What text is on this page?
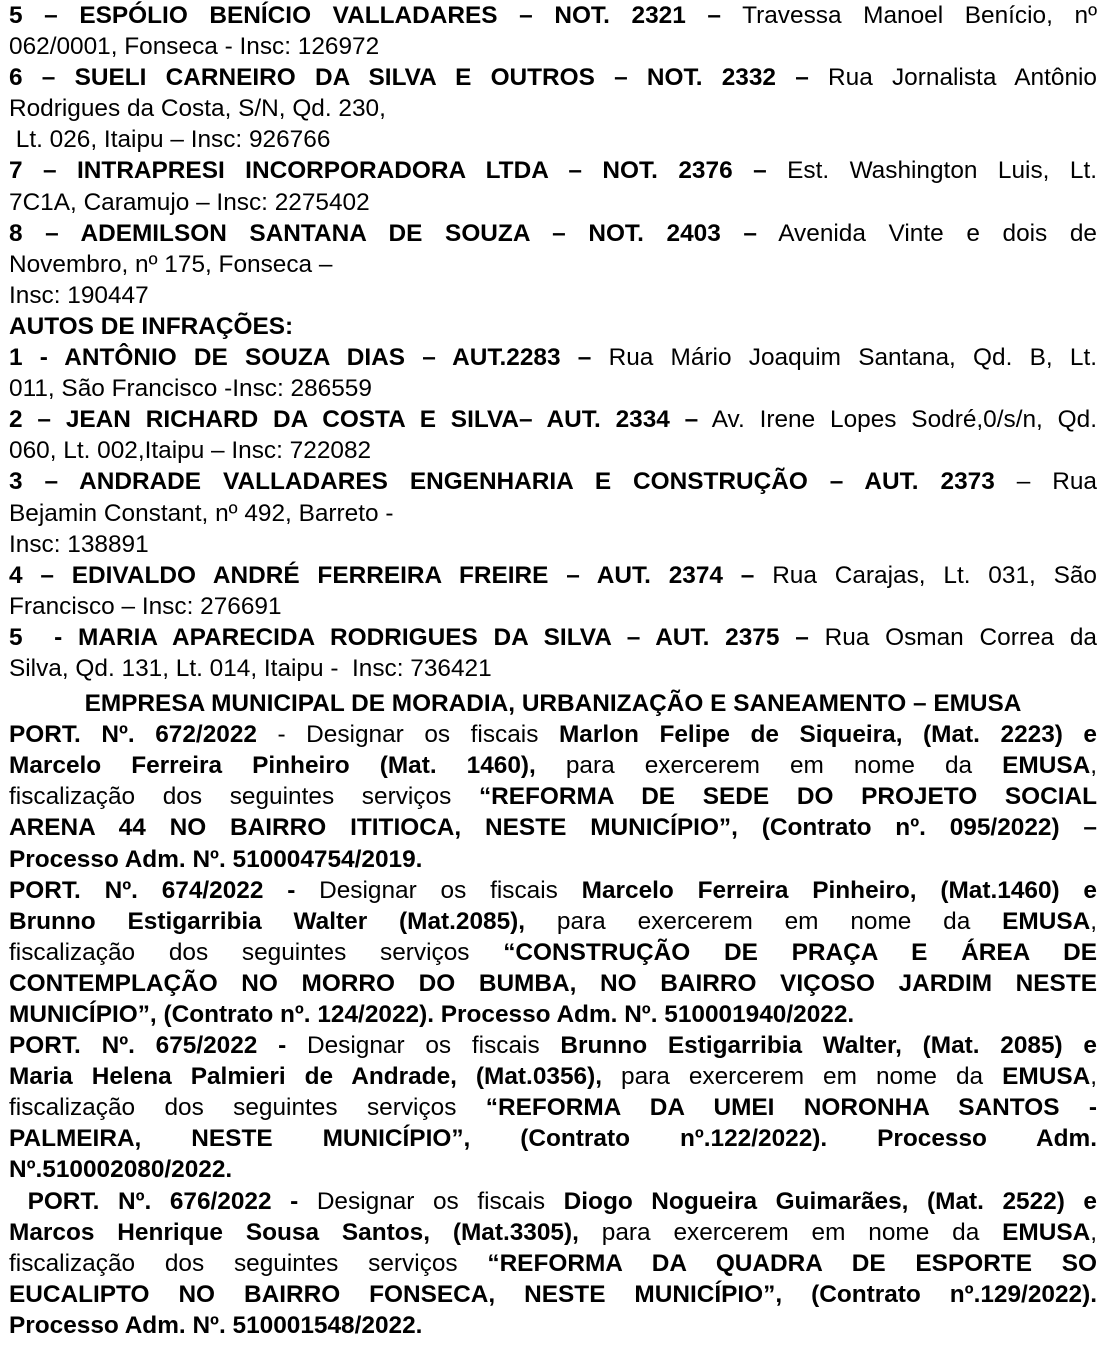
5 – ESPÓLIO BENÍCIO VALLADARES – NOT. 2321 – Travessa Manoel Benício, nº
062/0001, Fonseca - Insc: 126972

6 – SUELI CARNEIRO DA SILVA E OUTROS – NOT. 2332 – Rua Jornalista Antônio
Rodrigues da Costa, S/N, Qd. 230,
Lt. 026, Itaipu – Insc: 926766

7 – INTRAPRESI INCORPORADORA LTDA – NOT. 2376 – Est. Washington Luis, Lt.
7C1A, Caramujo – Insc: 2275402

8 – ADEMILSON SANTANA DE SOUZA – NOT. 2403 – Avenida Vinte e dois de
Novembro, nº 175, Fonseca –
Insc: 190447

AUTOS DE INFRAÇÕES:

1 - ANTÔNIO DE SOUZA DIAS – AUT.2283 – Rua Mário Joaquim Santana, Qd. B, Lt.
011, São Francisco -Insc: 286559

2 – JEAN RICHARD DA COSTA E SILVA– AUT. 2334 – Av. Irene Lopes Sodré,0/s/n, Qd.
060, Lt. 002,Itaipu – Insc: 722082

3 – ANDRADE VALLADARES ENGENHARIA E CONSTRUÇÃO – AUT. 2373 – Rua
Bejamin Constant, nº 492, Barreto -
Insc: 138891

4 – EDIVALDO ANDRÉ FERREIRA FREIRE – AUT. 2374 – Rua Carajas, Lt. 031, São
Francisco – Insc: 276691

5  - MARIA APARECIDA RODRIGUES DA SILVA – AUT. 2375 – Rua Osman Correa da
Silva, Qd. 131, Lt. 014, Itaipu -  Insc: 736421

EMPRESA MUNICIPAL DE MORADIA, URBANIZAÇÃO E SANEAMENTO – EMUSA
PORT. Nº. 672/2022 - Designar os fiscais Marlon Felipe de Siqueira, (Mat. 2223) e
Marcelo Ferreira Pinheiro (Mat. 1460), para exercerem em nome da EMUSA,
fiscalização dos seguintes serviços “REFORMA DE SEDE DO PROJETO SOCIAL
ARENA 44 NO BAIRRO ITITIOCA, NESTE MUNICÍPIO”, (Contrato nº. 095/2022) –
Processo Adm. Nº. 510004754/2019.
PORT. Nº. 674/2022 - Designar os fiscais Marcelo Ferreira Pinheiro, (Mat.1460) e
Brunno Estigarribia Walter (Mat.2085), para exercerem em nome da EMUSA,
fiscalização dos seguintes serviços “CONSTRUÇÃO DE PRAÇA E ÁREA DE
CONTEMPLAÇÃO NO MORRO DO BUMBA, NO BAIRRO VIÇOSO JARDIM NESTE
MUNICÍPIO”, (Contrato nº. 124/2022). Processo Adm. Nº. 510001940/2022.
PORT. Nº. 675/2022 - Designar os fiscais Brunno Estigarribia Walter, (Mat. 2085) e
Maria Helena Palmieri de Andrade, (Mat.0356), para exercerem em nome da EMUSA,
fiscalização dos seguintes serviços “REFORMA DA UMEI NORONHA SANTOS -
PALMEIRA, NESTE MUNICÍPIO”, (Contrato nº.122/2022). Processo Adm.
Nº.510002080/2022.
PORT. Nº. 676/2022 - Designar os fiscais Diogo Nogueira Guimarães, (Mat. 2522) e
Marcos Henrique Sousa Santos, (Mat.3305), para exercerem em nome da EMUSA,
fiscalização dos seguintes serviços “REFORMA DA QUADRA DE ESPORTE SO
EUCALIPTO NO BAIRRO FONSECA, NESTE MUNICÍPIO”, (Contrato nº.129/2022).
Processo Adm. Nº. 510001548/2022.
